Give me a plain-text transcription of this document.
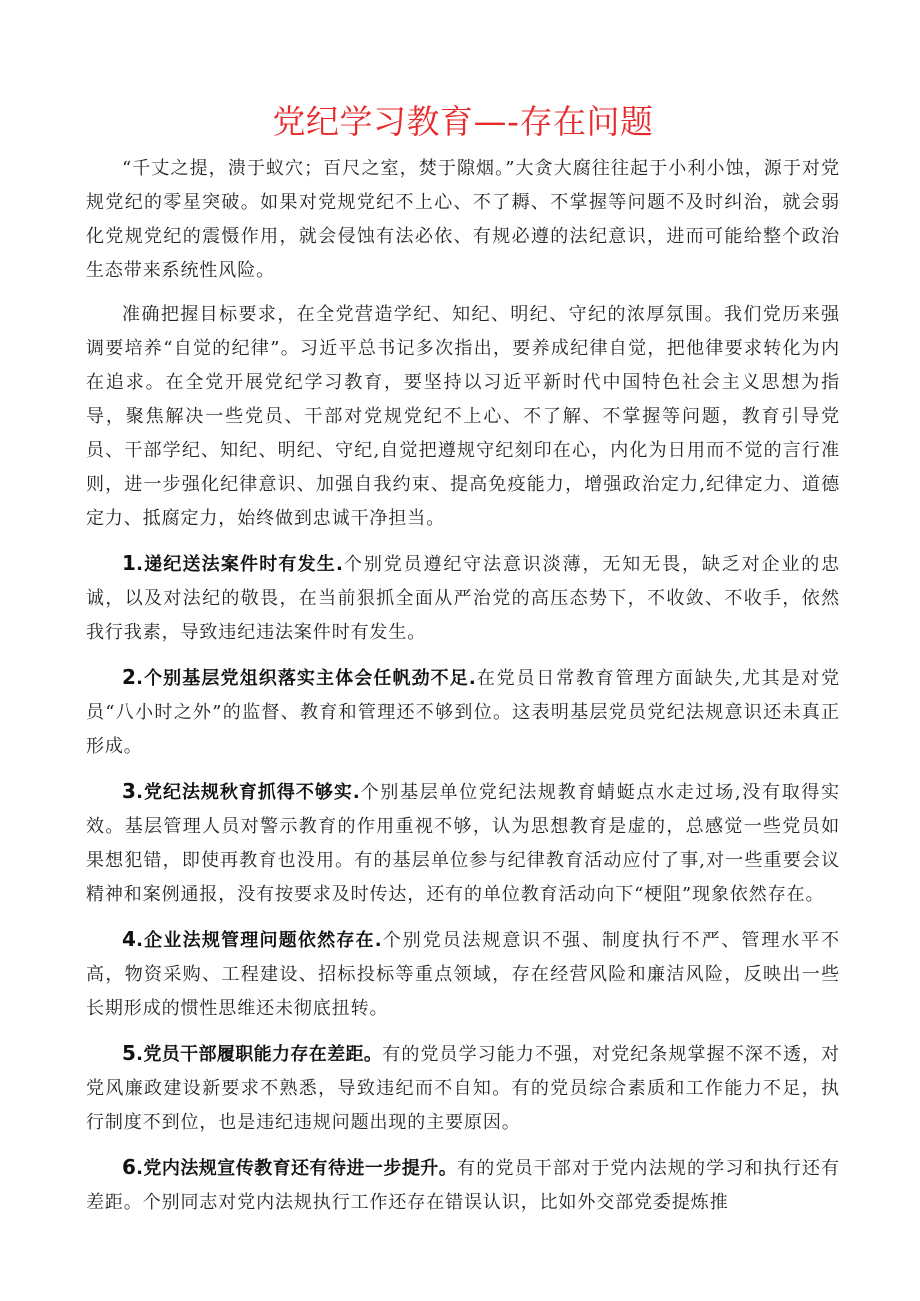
党纪学习教育—-存在问题

“千丈之提，溃于蚁穴；百尺之室，焚于隙烟。”大贪大腐往往起于小利小蚀，源于对党规党纪的零星突破。如果对党规党纪不上心、不了耨、不掌握等问题不及时纠治，就会弱化党规党纪的震慑作用，就会侵蚀有法必依、有规必遵的法纪意识，进而可能给整个政治生态带来系统性风险。

准确把握目标要求，在全党营造学纪、知纪、明纪、守纪的浓厚氛围。我们党历来强调要培养“自觉的纪律”。习近平总书记多次指出，要养成纪律自觉，把他律要求转化为内在追求。在全党开展党纪学习教育，要坚持以习近平新时代中国特色社会主义思想为指导，聚焦解决一些党员、干部对党规党纪不上心、不了解、不掌握等问题，教育引导党员、干部学纪、知纪、明纪、守纪,自觉把遵规守纪刻印在心，内化为日用而不觉的言行准则，进一步强化纪律意识、加强自我约束、提高免疫能力，增强政治定力,纪律定力、道德定力、抵腐定力，始终做到忠诚干净担当。

1.递纪送法案件时有发生.个别党员遵纪守法意识淡薄，无知无畏，缺乏对企业的忠诚，以及对法纪的敬畏，在当前狠抓全面从严治党的高压态势下，不收敛、不收手，依然我行我素，导致违纪违法案件时有发生。

2.个别基层党俎织落实主体会任帆劲不足.在党员日常教育管理方面缺失,尤其是对党员“八小时之外”的监督、教育和管理还不够到位。这表明基层党员党纪法规意识还未真正形成。

3.党纪法规秋育抓得不够实.个别基层单位党纪法规教育蜻蜓点水走过场,没有取得实效。基层管理人员对警示教育的作用重视不够，认为思想教育是虚的，总感觉一些党员如果想犯错，即使再教育也没用。有的基层单位参与纪律教育活动应付了事,对一些重要会议精神和案例通报，没有按要求及时传达，还有的单位教育活动向下“梗阻”现象依然存在。

4.企业法规管理问题依然存在.个别党员法规意识不强、制度执行不严、管理水平不高，物资采购、工程建设、招标投标等重点领域，存在经营风险和廉洁风险，反映出一些长期形成的惯性思维还未彻底扭转。

5.党员干部履职能力存在差距。有的党员学习能力不强，对党纪条规掌握不深不透，对党风廉政建设新要求不熟悉，导致违纪而不自知。有的党员综合素质和工作能力不足，执行制度不到位，也是违纪违规问题出现的主要原因。

6.党内法规宣传教育还有待进一步提升。有的党员干部对于党内法规的学习和执行还有差距。个别同志对党内法规执行工作还存在错误认识，比如外交部党委提炼推
